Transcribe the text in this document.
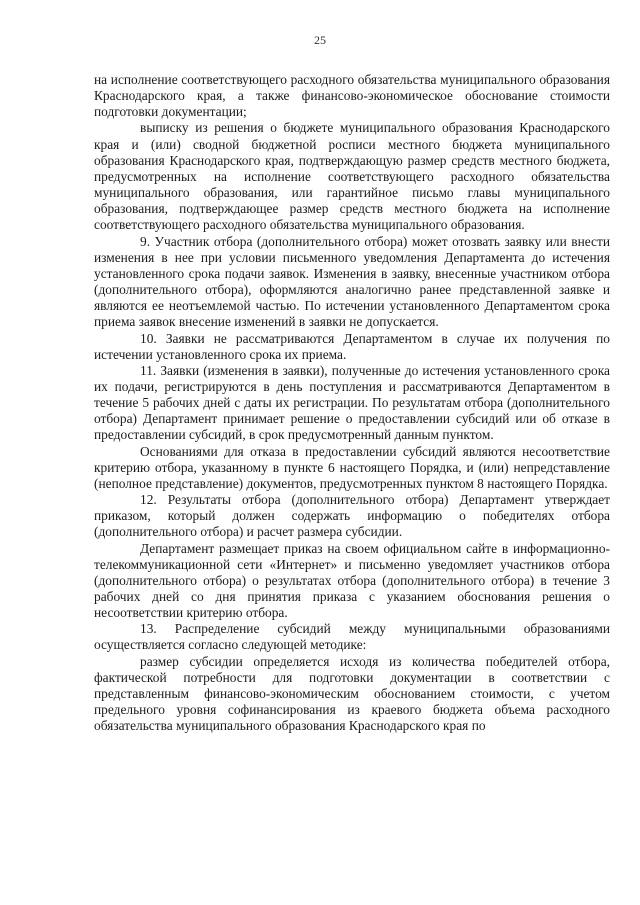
25

на исполнение соответствующего расходного обязательства муниципального образования Краснодарского края, а также финансово-экономическое обоснование стоимости подготовки документации;

выписку из решения о бюджете муниципального образования Краснодарского края и (или) сводной бюджетной росписи местного бюджета муниципального образования Краснодарского края, подтверждающую размер средств местного бюджета, предусмотренных на исполнение соответствующего расходного обязательства муниципального образования, или гарантийное письмо главы муниципального образования, подтверждающее размер средств местного бюджета на исполнение соответствующего расходного обязательства муниципального образования.

9. Участник отбора (дополнительного отбора) может отозвать заявку или внести изменения в нее при условии письменного уведомления Департамента до истечения установленного срока подачи заявок. Изменения в заявку, внесенные участником отбора (дополнительного отбора), оформляются аналогично ранее представленной заявке и являются ее неотъемлемой частью. По истечении установленного Департаментом срока приема заявок внесение изменений в заявки не допускается.

10. Заявки не рассматриваются Департаментом в случае их получения по истечении установленного срока их приема.

11. Заявки (изменения в заявки), полученные до истечения установленного срока их подачи, регистрируются в день поступления и рассматриваются Департаментом в течение 5 рабочих дней с даты их регистрации. По результатам отбора (дополнительного отбора) Департамент принимает решение о предоставлении субсидий или об отказе в предоставлении субсидий, в срок предусмотренный данным пунктом.

Основаниями для отказа в предоставлении субсидий являются несоответствие критерию отбора, указанному в пункте 6 настоящего Порядка, и (или) непредставление (неполное представление) документов, предусмотренных пунктом 8 настоящего Порядка.

12. Результаты отбора (дополнительного отбора) Департамент утверждает приказом, который должен содержать информацию о победителях отбора (дополнительного отбора) и расчет размера субсидии.

Департамент размещает приказ на своем официальном сайте в информационно-телекоммуникационной сети «Интернет» и письменно уведомляет участников отбора (дополнительного отбора) о результатах отбора (дополнительного отбора) в течение 3 рабочих дней со дня принятия приказа с указанием обоснования решения о несоответствии критерию отбора.

13. Распределение субсидий между муниципальными образованиями осуществляется согласно следующей методике:

размер субсидии определяется исходя из количества победителей отбора, фактической потребности для подготовки документации в соответствии с представленным финансово-экономическим обоснованием стоимости, с учетом предельного уровня софинансирования из краевого бюджета объема расходного обязательства муниципального образования Краснодарского края по
